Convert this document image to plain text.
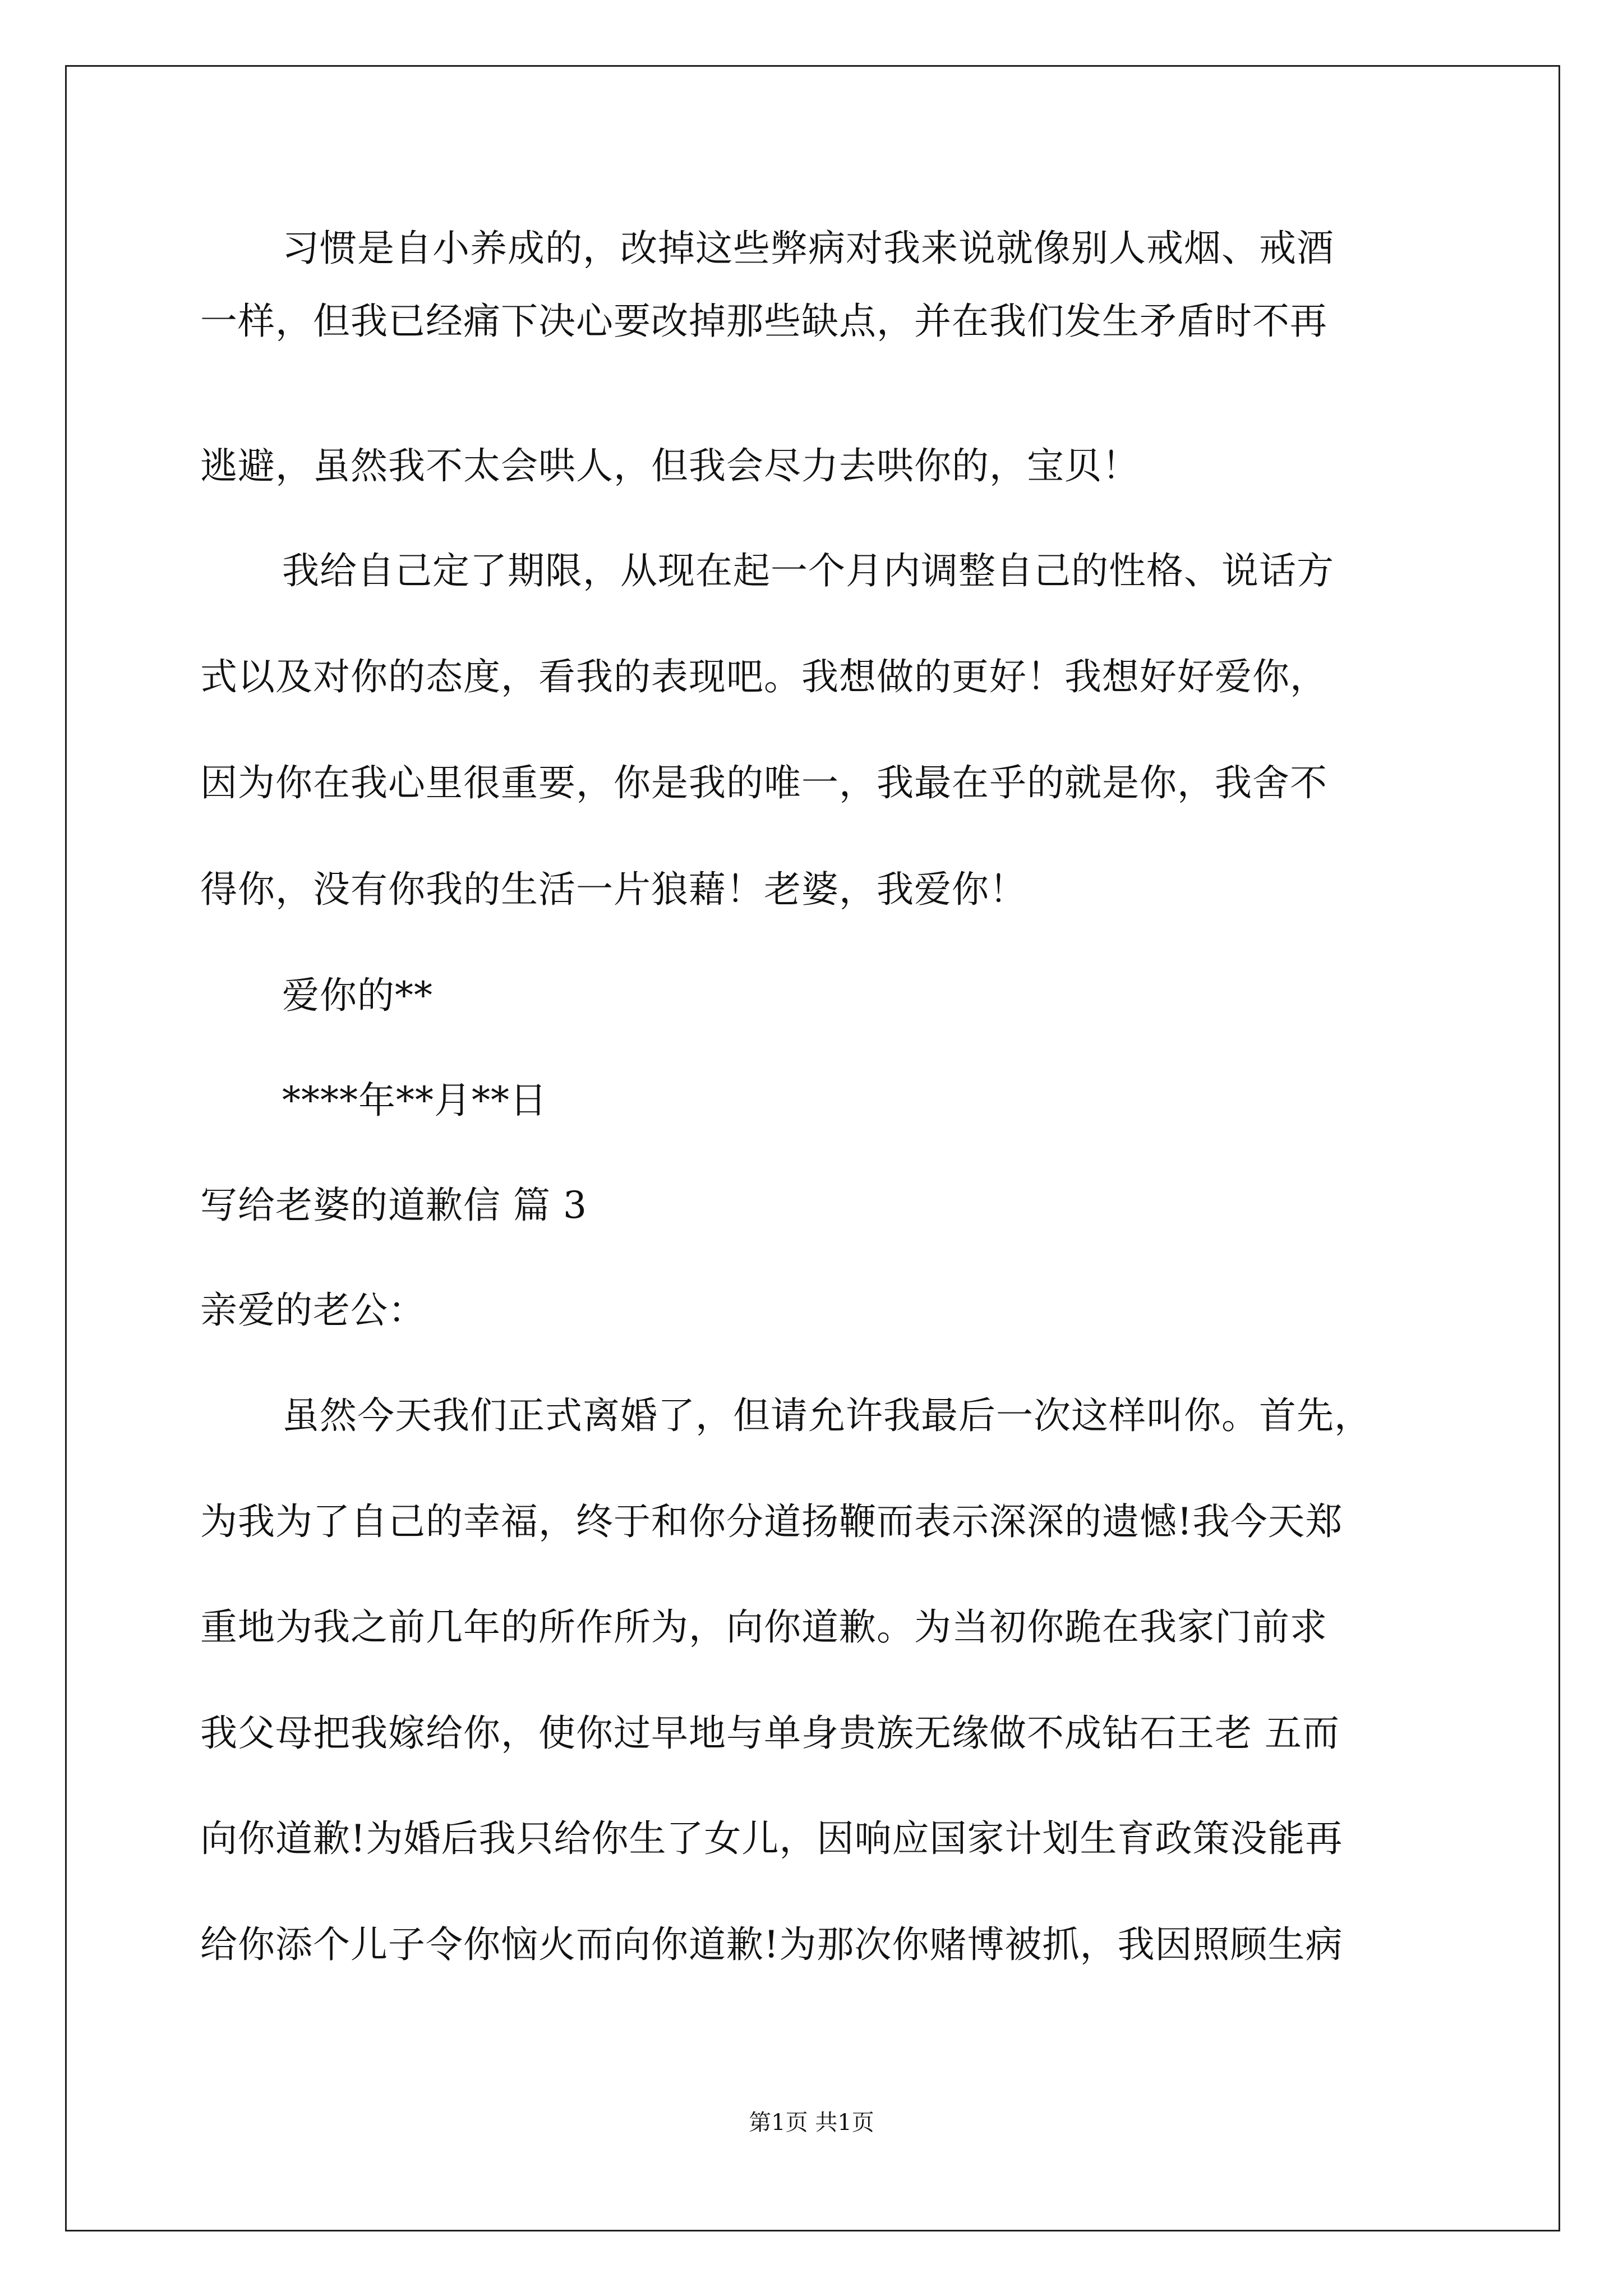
习惯是自小养成的，改掉这些弊病对我来说就像别人戒烟、戒酒
一样，但我已经痛下决心要改掉那些缺点，并在我们发生矛盾时不再
逃避，虽然我不太会哄人，但我会尽力去哄你的，宝贝！
我给自己定了期限，从现在起一个月内调整自己的性格、说话方
式以及对你的态度，看我的表现吧。我想做的更好！我想好好爱你，
因为你在我心里很重要，你是我的唯一，我最在乎的就是你，我舍不
得你，没有你我的生活一片狼藉！老婆，我爱你！
爱你的**
****年**月**日
写给老婆的道歉信 篇 3
亲爱的老公：
虽然今天我们正式离婚了，但请允许我最后一次这样叫你。首先，
为我为了自己的幸福，终于和你分道扬鞭而表示深深的遗憾!我今天郑
重地为我之前几年的所作所为，向你道歉。为当初你跪在我家门前求
我父母把我嫁给你，使你过早地与单身贵族无缘做不成钻石王老 五而
向你道歉!为婚后我只给你生了女儿，因响应国家计划生育政策没能再
给你添个儿子令你恼火而向你道歉!为那次你赌博被抓，我因照顾生病
第1页 共1页
